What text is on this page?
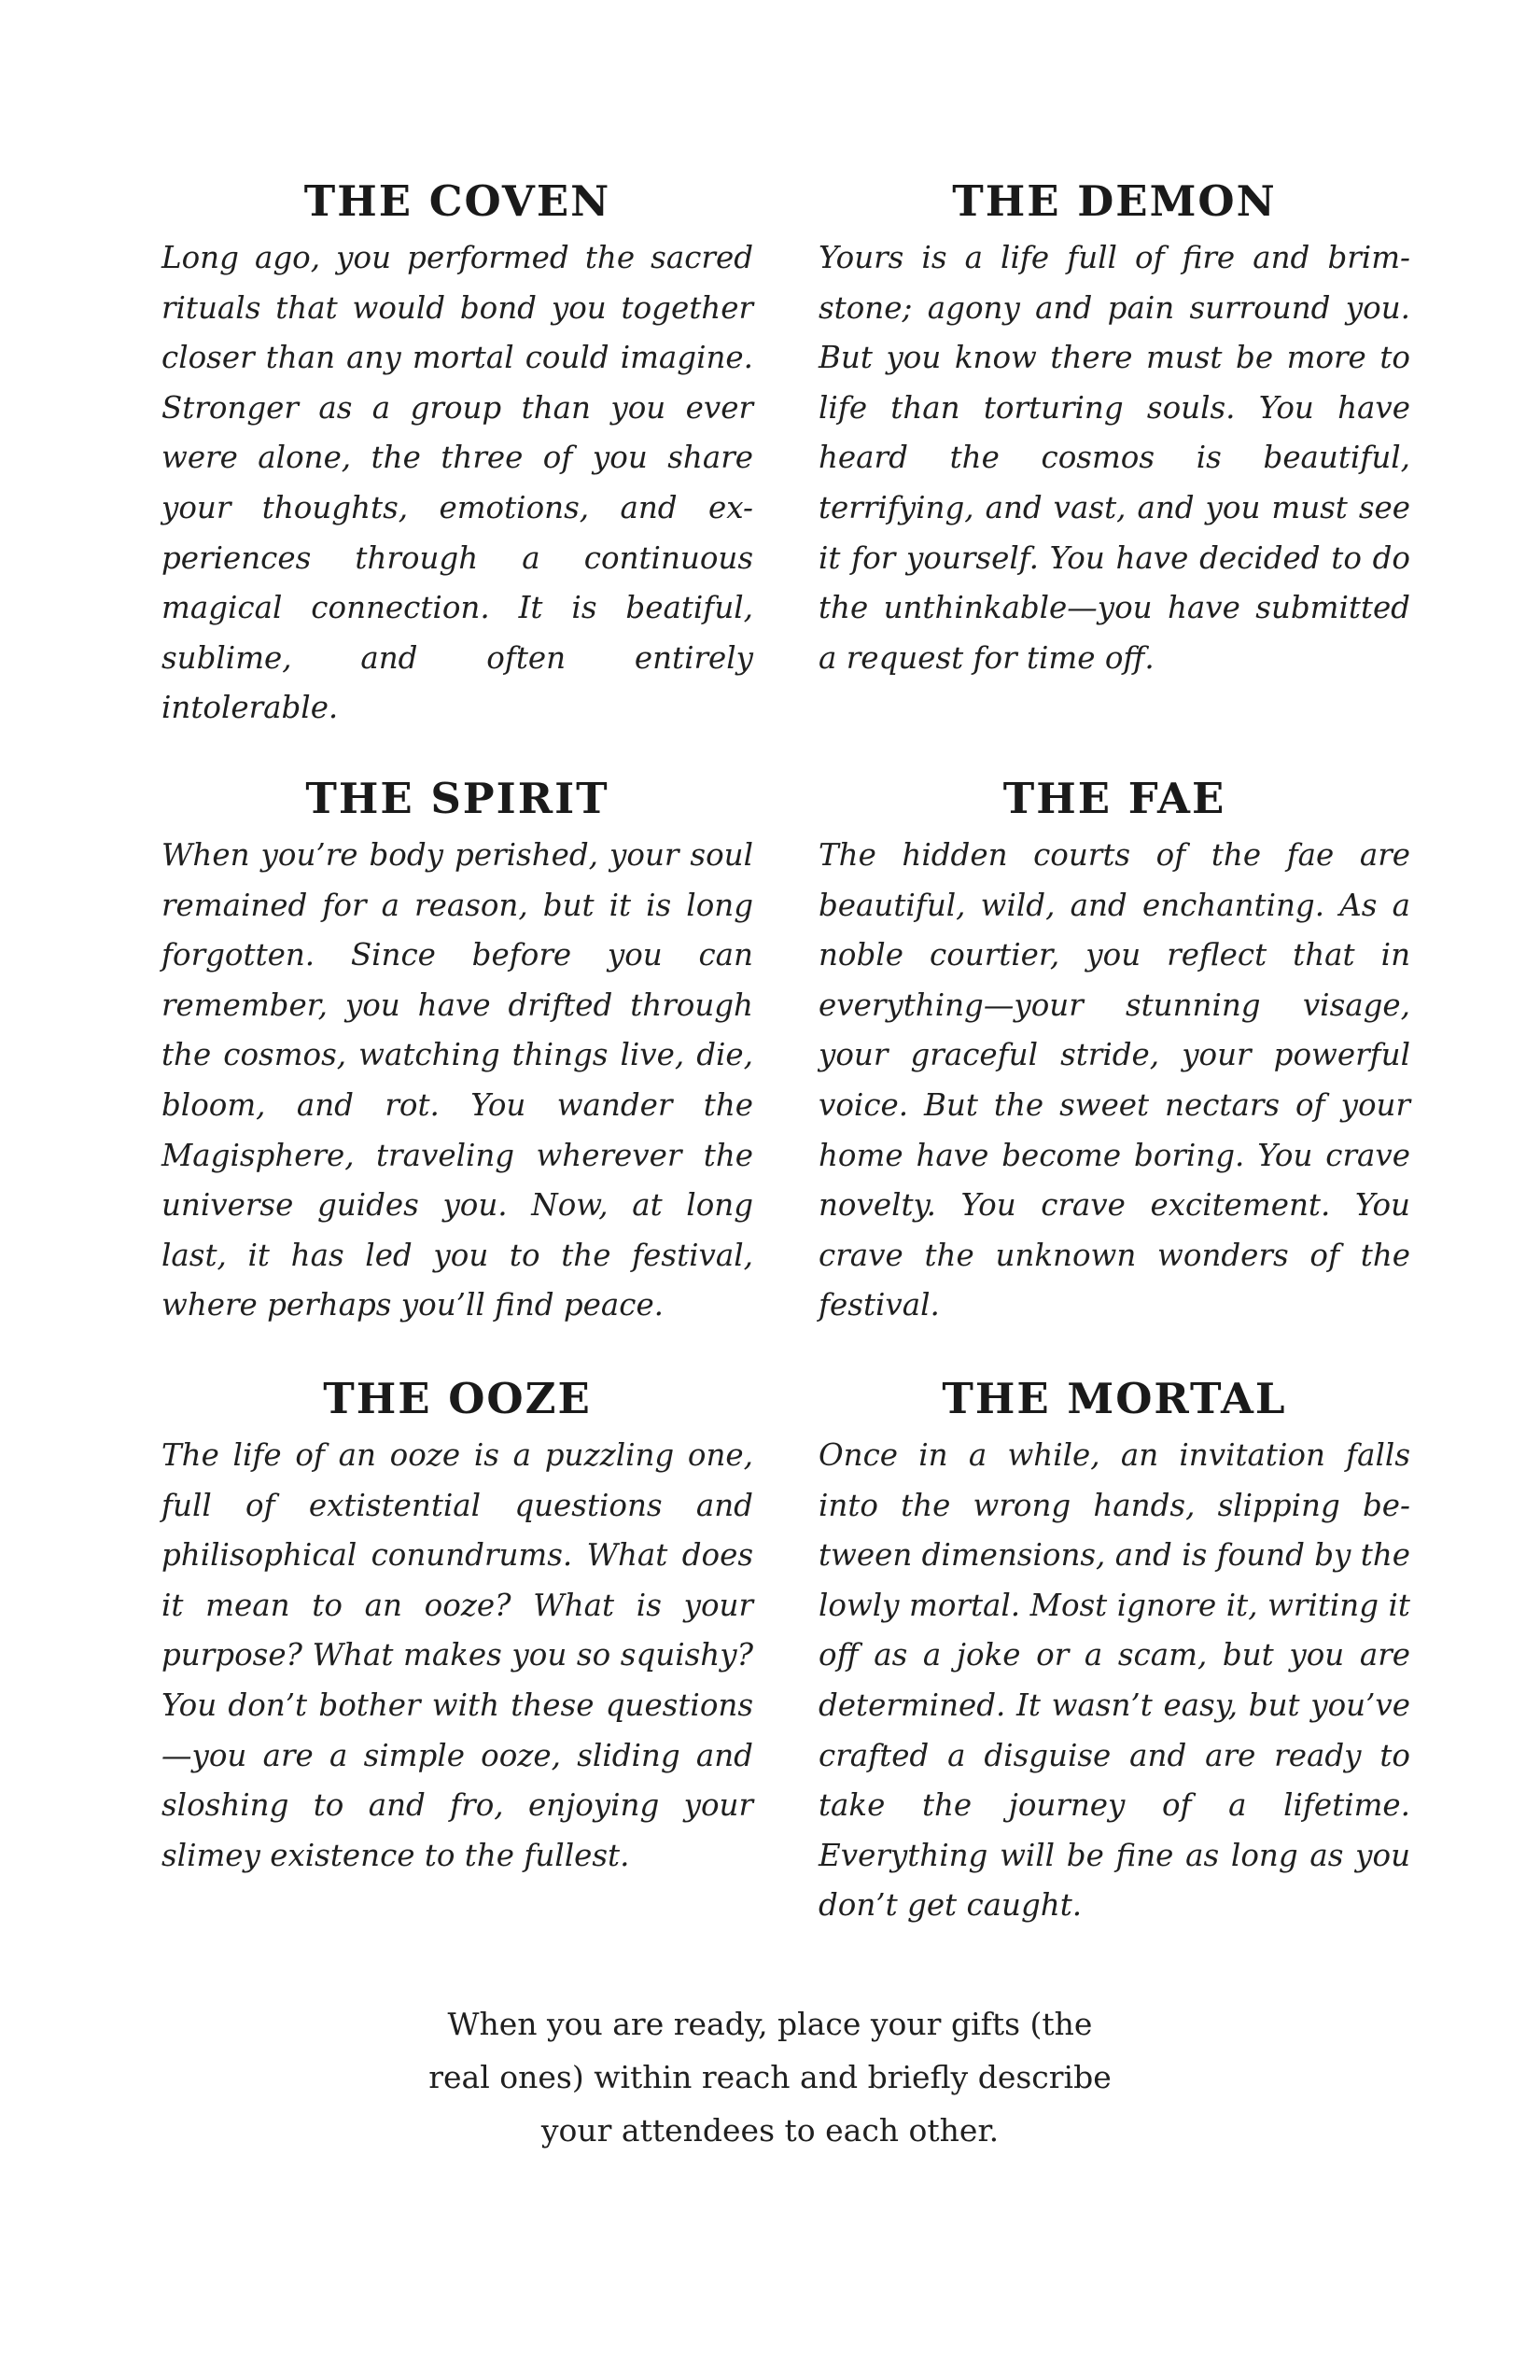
THE COVEN

Long ago, you performed the sacred rituals that would bond you together closer than any mortal could imagine. Stronger as a group than you ever were alone, the three of you share your thoughts, emotions, and ex-periences through a continuous magical connection. It is beatiful, sublime, and often entirely intolerable.

THE DEMON

Yours is a life full of fire and brimstone; agony and pain surround you. But you know there must be more to life than torturing souls. You have heard the cosmos is beautiful, terrifying, and vast, and you must see it for yourself. You have decided to do the unthinkable—you have submitted a request for time off.

THE SPIRIT

When you’re body perished, your soul remained for a reason, but it is long forgotten. Since before you can remember, you have drifted through the cosmos, watching things live, die, bloom, and rot. You wander the Magisphere, traveling wherever the universe guides you. Now, at long last, it has led you to the festival, where perhaps you’ll find peace.

THE FAE

The hidden courts of the fae are beautiful, wild, and enchanting. As a noble courtier, you reflect that in everything—your stunning visage, your graceful stride, your powerful voice. But the sweet nectars of your home have become boring. You crave novelty. You crave excitement. You crave the unknown wonders of the festival.

THE OOZE

The life of an ooze is a puzzling one, full of extistential questions and philisophical conundrums. What does it mean to an ooze? What is your purpose? What makes you so squishy? You don’t bother with these questions—you are a simple ooze, sliding and sloshing to and fro, enjoying your slimey existence to the fullest.

THE MORTAL

Once in a while, an invitation falls into the wrong hands, slipping between dimensions, and is found by the lowly mortal. Most ignore it, writing it off as a joke or a scam, but you are determined. It wasn’t easy, but you’ve crafted a disguise and are ready to take the journey of a lifetime. Everything will be fine as long as you don’t get caught.

When you are ready, place your gifts (the
real ones) within reach and briefly describe
your attendees to each other.
